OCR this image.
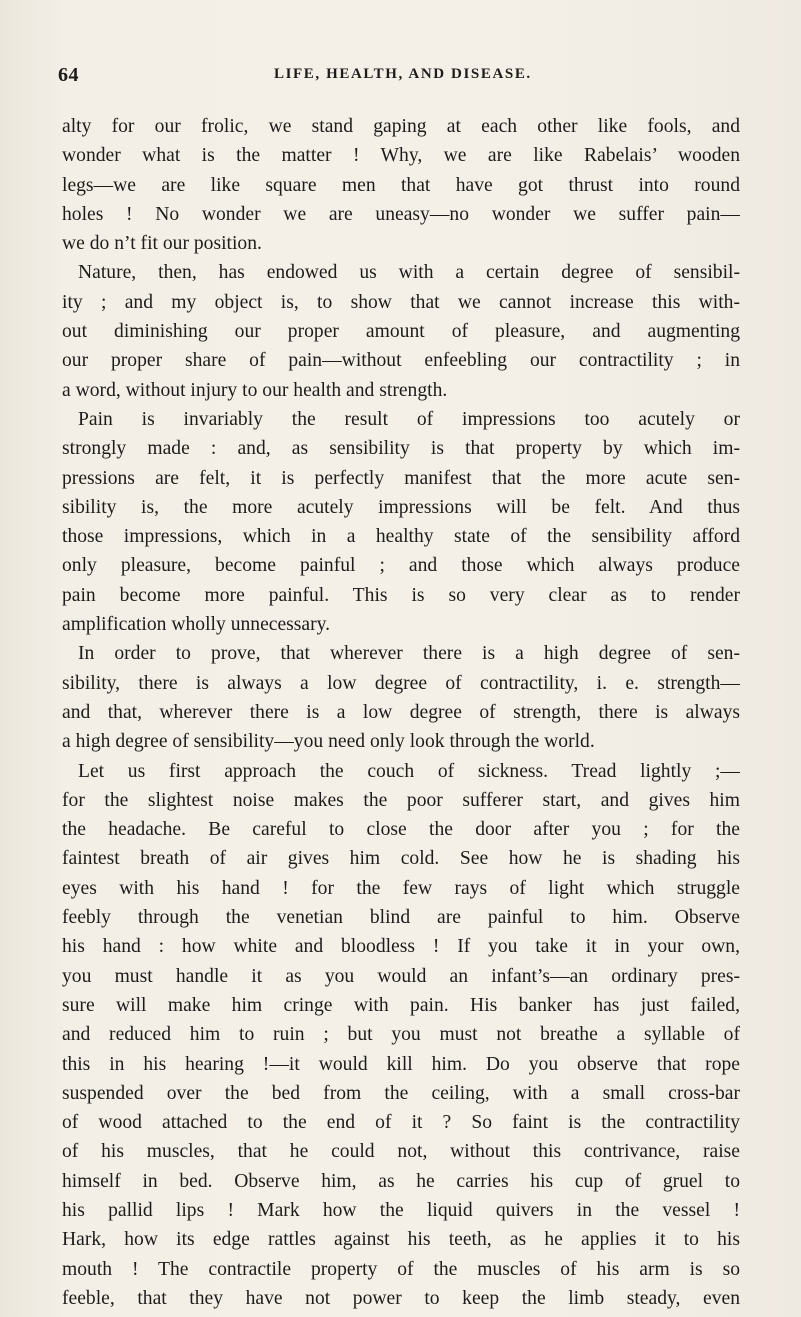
64	LIFE, HEALTH, AND DISEASE.
alty for our frolic, we stand gaping at each other like fools, and
wonder what is the matter ! Why, we are like Rabelais’ wooden
legs—we are like square men that have got thrust into round
holes ! No wonder we are uneasy—no wonder we suffer pain—
we do n’t fit our position.
Nature, then, has endowed us with a certain degree of sensibil-
ity ; and my object is, to show that we cannot increase this with-
out diminishing our proper amount of pleasure, and augmenting
our proper share of pain—without enfeebling our contractility ; in
a word, without injury to our health and strength.
Pain is invariably the result of impressions too acutely or
strongly made : and, as sensibility is that property by which im-
pressions are felt, it is perfectly manifest that the more acute sen-
sibility is, the more acutely impressions will be felt. And thus
those impressions, which in a healthy state of the sensibility afford
only pleasure, become painful ; and those which always produce
pain become more painful. This is so very clear as to render
amplification wholly unnecessary.
In order to prove, that wherever there is a high degree of sen-
sibility, there is always a low degree of contractility, i. e. strength—
and that, wherever there is a low degree of strength, there is always
a high degree of sensibility—you need only look through the world.
Let us first approach the couch of sickness. Tread lightly ;—
for the slightest noise makes the poor sufferer start, and gives him
the headache. Be careful to close the door after you ; for the
faintest breath of air gives him cold. See how he is shading his
eyes with his hand ! for the few rays of light which struggle
feebly through the venetian blind are painful to him. Observe
his hand : how white and bloodless ! If you take it in your own,
you must handle it as you would an infant’s—an ordinary pres-
sure will make him cringe with pain. His banker has just failed,
and reduced him to ruin ; but you must not breathe a syllable of
this in his hearing !—it would kill him. Do you observe that rope
suspended over the bed from the ceiling, with a small cross-bar
of wood attached to the end of it ? So faint is the contractility
of his muscles, that he could not, without this contrivance, raise
himself in bed. Observe him, as he carries his cup of gruel to
his pallid lips ! Mark how the liquid quivers in the vessel !
Hark, how its edge rattles against his teeth, as he applies it to his
mouth ! The contractile property of the muscles of his arm is so
feeble, that they have not power to keep the limb steady, even
